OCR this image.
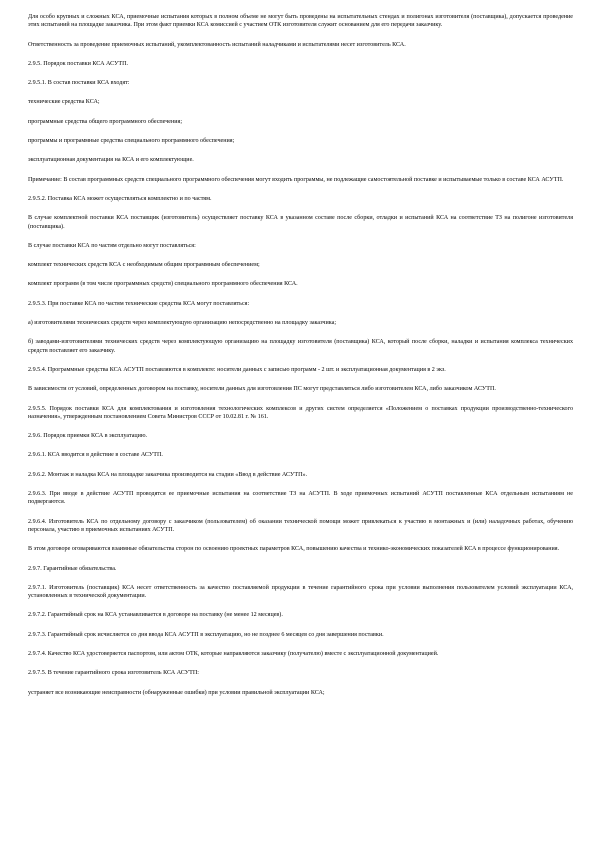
Для особо крупных и сложных КСА, приемочные испытания которых в полном объеме не могут быть проведены на испытательных стендах и полигонах изготовителя (поставщика), допускается проведение этих испытаний на площадке заказчика. При этом факт приемки КСА комиссией с участием ОТК изготовителя служит основанием для его передачи заказчику.

Ответственность за проведение приемочных испытаний, укомплектованность испытаний наладчиками и испытателями несет изготовитель КСА.

2.9.5. Порядок поставки КСА АСУТП.

2.9.5.1. В состав поставки КСА входят:

технические средства КСА;

программные средства общего программного обеспечения;

программы и программные средства специального программного обеспечения;

эксплуатационная документация на КСА и его комплектующие.

Примечание: В состав программных средств специального программного обеспечения могут входить программы, не подлежащие самостоятельной поставке и испытываемые только в составе КСА АСУТП.

2.9.5.2. Поставка КСА может осуществляться комплектно и по частям.

В случае комплектной поставки КСА поставщик (изготовитель) осуществляет поставку КСА в указанном составе после сборки, отладки и испытаний КСА на соответствие ТЗ на полигоне изготовителя (поставщика).

В случае поставки КСА по частям отдельно могут поставляться:

комплект технических средств КСА с необходимым общим программным обеспечением;

комплект программ (в том числе программных средств) специального программного обеспечения КСА.

2.9.5.3. При поставке КСА по частям технические средства КСА могут поставляться:

а) изготовителями технических средств через комплектующую организацию непосредственно на площадку заказчика;

б) заводами-изготовителями технических средств через комплектующую организацию на площадку изготовителя (поставщика) КСА, который после сборки, наладки и испытания комплекса технических средств поставляет его заказчику.

2.9.5.4. Программные средства КСА АСУТП поставляются в комплекте: носители данных с записью программ - 2 шт. и эксплуатационная документация в 2 экз.

В зависимости от условий, определенных договором на поставку, носители данных для изготовления ПС могут представляться либо изготовителем КСА, либо заказчиком АСУТП.

2.9.5.5. Порядок поставки КСА для комплектования и изготовления технологических комплексов и других систем определяется «Положением о поставках продукции производственно-технического назначения», утвержденным постановлением Совета Министров СССР от 10.02.81 г. № 161.

2.9.6. Порядок приемки КСА в эксплуатацию.

2.9.6.1. КСА вводится в действие в составе АСУТП.

2.9.6.2. Монтаж и наладка КСА на площадке заказчика производится на стадии «Ввод в действие АСУТП».

2.9.6.3. При вводе в действие АСУТП проводятся ее приемочные испытания на соответствие ТЗ на АСУТП. В ходе приемочных испытаний АСУТП поставленные КСА отдельным испытаниям не подвергаются.

2.9.6.4. Изготовитель КСА по отдельному договору с заказчиком (пользователем) об оказании технической помощи может привлекаться к участию в монтажных и (или) наладочных работах, обучению персонала, участию в приемочных испытаниях АСУТП.

В этом договоре оговариваются взаимные обязательства сторон по освоению проектных параметров КСА, повышению качества и технико-экономических показателей КСА в процессе функционирования.

2.9.7. Гарантийные обязательства.

2.9.7.1. Изготовитель (поставщик) КСА несет ответственность за качество поставляемой продукции в течение гарантийного срока при условии выполнения пользователем условий эксплуатации КСА, установленных в технической документации.

2.9.7.2. Гарантийный срок на КСА устанавливается в договоре на поставку (не менее 12 месяцев).

2.9.7.3. Гарантийный срок исчисляется со дня ввода КСА АСУТП в эксплуатацию, но не позднее 6 месяцев со дня завершения поставки.

2.9.7.4. Качество КСА удостоверяется паспортом, или актом ОТК, которые направляются заказчику (получателю) вместе с эксплуатационной документацией.

2.9.7.5. В течение гарантийного срока изготовитель КСА АСУТП:

устраняет все возникающие неисправности (обнаруженные ошибки) при условии правильной эксплуатации КСА;
